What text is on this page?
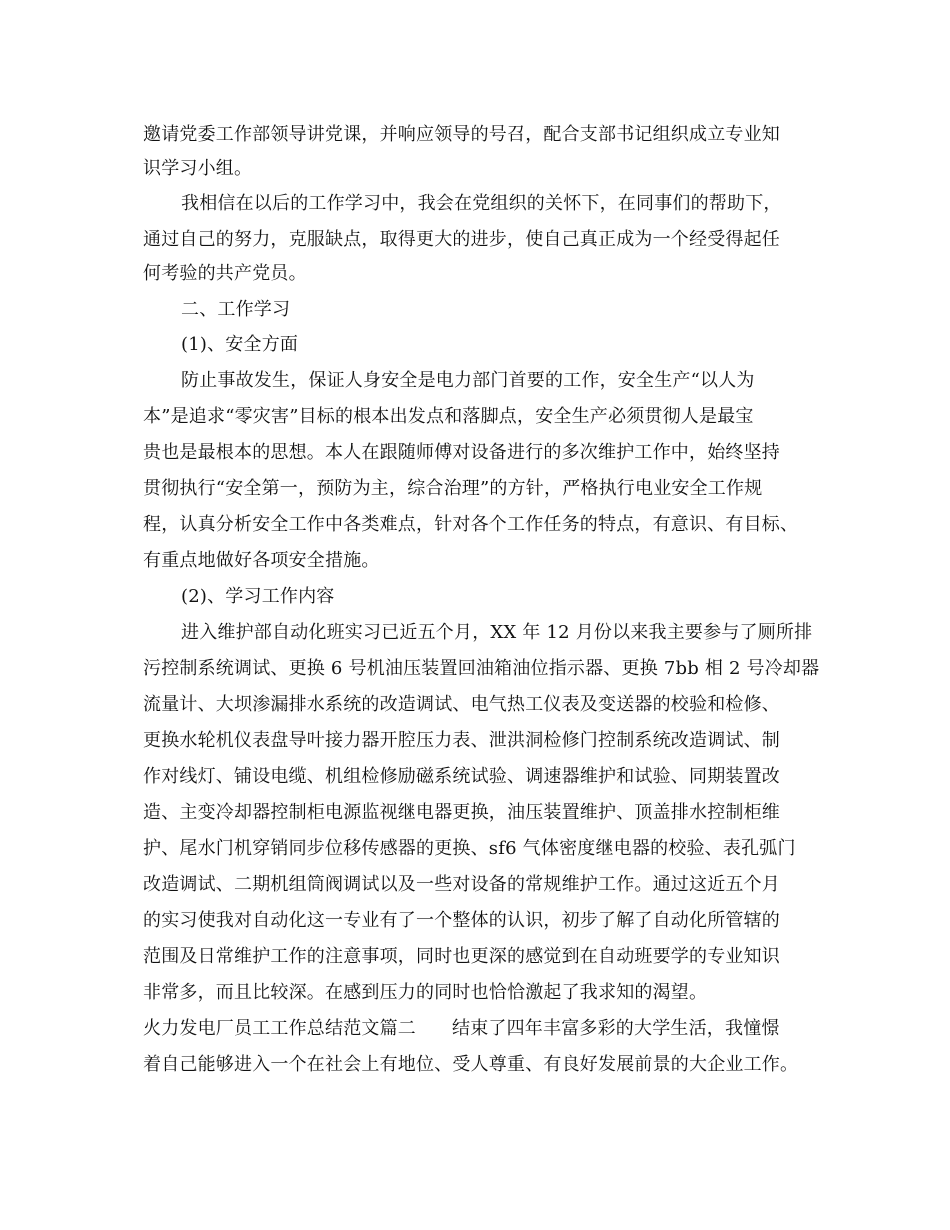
邀请党委工作部领导讲党课，并响应领导的号召，配合支部书记组织成立专业知
识学习小组。
我相信在以后的工作学习中，我会在党组织的关怀下，在同事们的帮助下，
通过自己的努力，克服缺点，取得更大的进步，使自己真正成为一个经受得起任
何考验的共产党员。
二、工作学习
(1)、安全方面
防止事故发生，保证人身安全是电力部门首要的工作，安全生产“以人为
本”是追求“零灾害”目标的根本出发点和落脚点，安全生产必须贯彻人是最宝
贵也是最根本的思想。本人在跟随师傅对设备进行的多次维护工作中，始终坚持
贯彻执行“安全第一，预防为主，综合治理”的方针，严格执行电业安全工作规
程，认真分析安全工作中各类难点，针对各个工作任务的特点，有意识、有目标、
有重点地做好各项安全措施。
(2)、学习工作内容
进入维护部自动化班实习已近五个月，XX 年 12 月份以来我主要参与了厕所排
污控制系统调试、更换 6 号机油压装置回油箱油位指示器、更换 7bb 相 2 号冷却器
流量计、大坝渗漏排水系统的改造调试、电气热工仪表及变送器的校验和检修、
更换水轮机仪表盘导叶接力器开腔压力表、泄洪洞检修门控制系统改造调试、制
作对线灯、铺设电缆、机组检修励磁系统试验、调速器维护和试验、同期装置改
造、主变冷却器控制柜电源监视继电器更换，油压装置维护、顶盖排水控制柜维
护、尾水门机穿销同步位移传感器的更换、sf6 气体密度继电器的校验、表孔弧门
改造调试、二期机组筒阀调试以及一些对设备的常规维护工作。通过这近五个月
的实习使我对自动化这一专业有了一个整体的认识，初步了解了自动化所管辖的
范围及日常维护工作的注意事项，同时也更深的感觉到在自动班要学的专业知识
非常多，而且比较深。在感到压力的同时也恰恰激起了我求知的渴望。
火力发电厂员工工作总结范文篇二 结束了四年丰富多彩的大学生活，我憧憬
着自己能够进入一个在社会上有地位、受人尊重、有良好发展前景的大企业工作。
